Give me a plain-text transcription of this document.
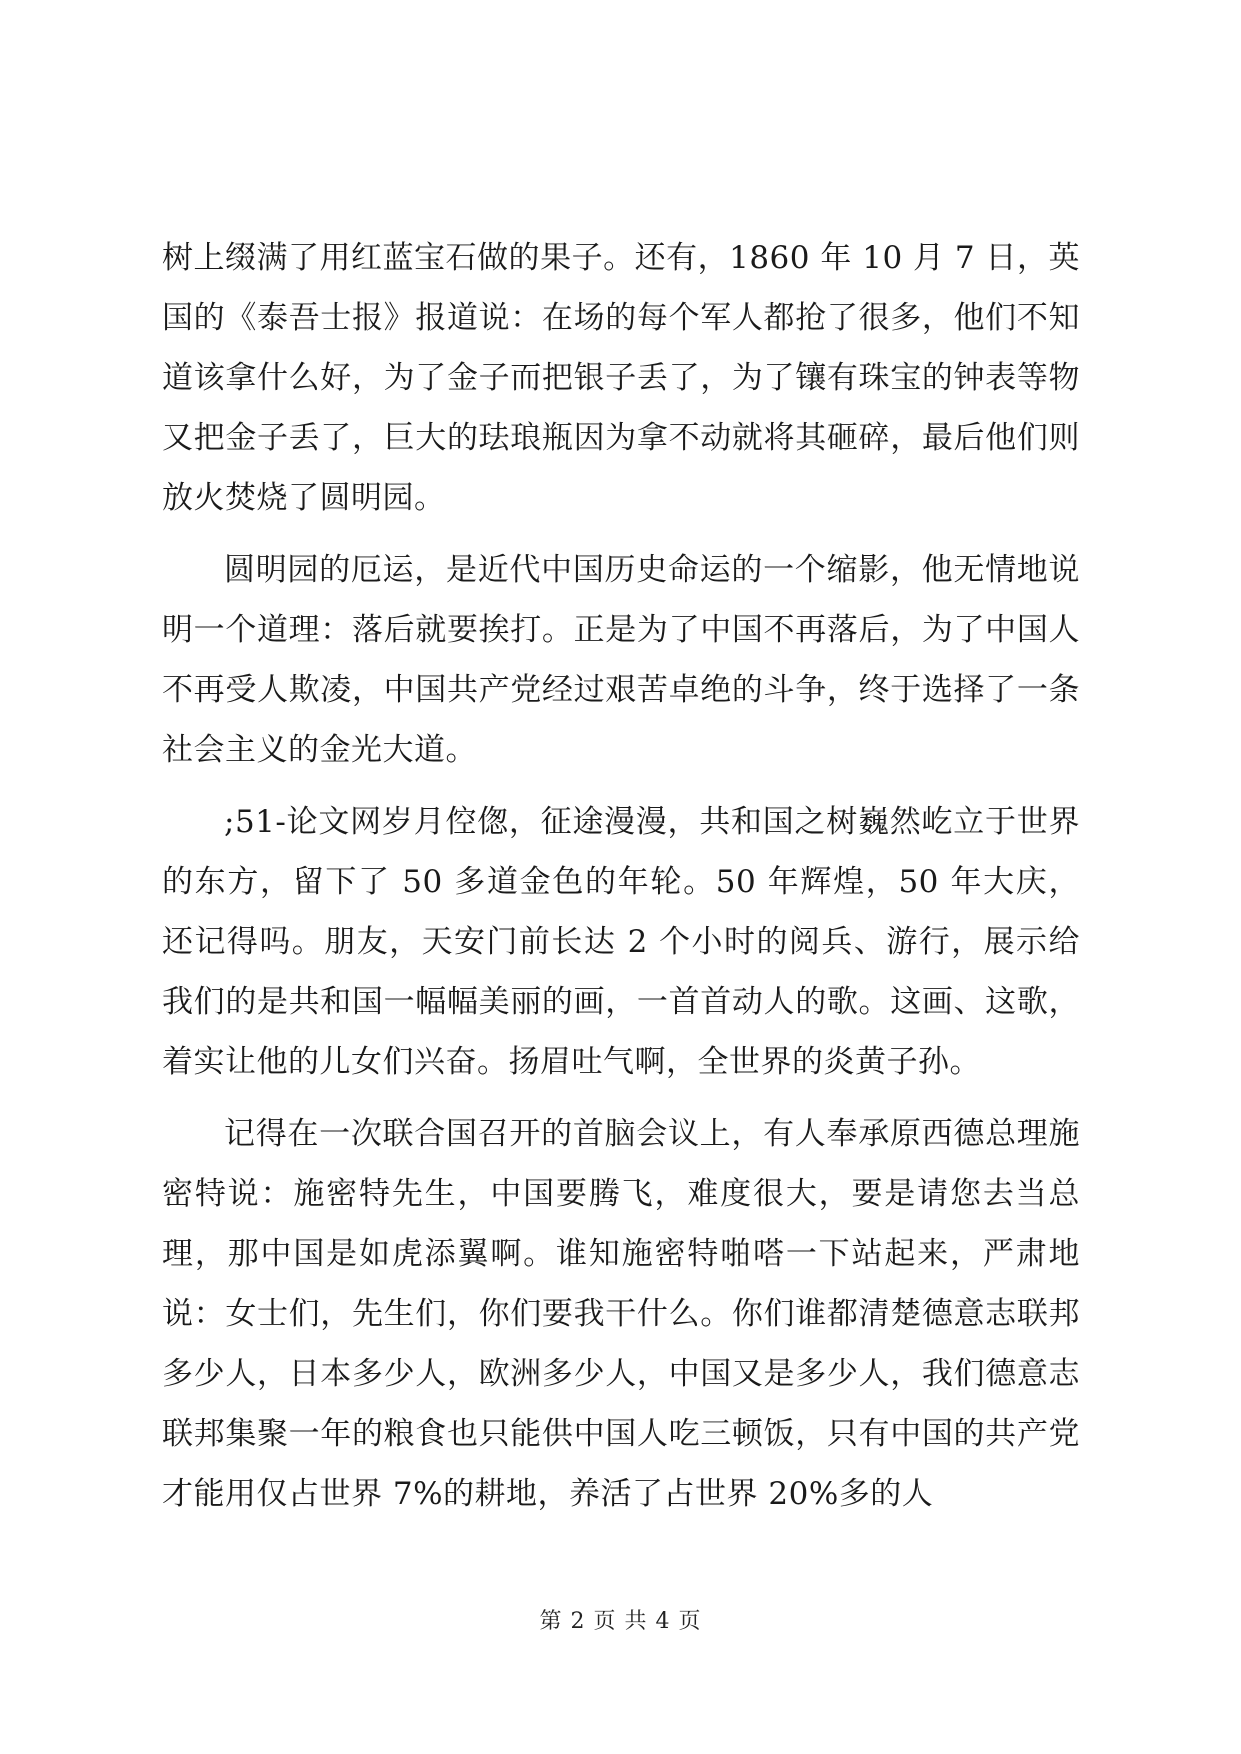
树上缀满了用红蓝宝石做的果子。还有，1860 年 10 月 7 日，英国的《泰吾士报》报道说：在场的每个军人都抢了很多，他们不知道该拿什么好，为了金子而把银子丢了，为了镶有珠宝的钟表等物又把金子丢了，巨大的珐琅瓶因为拿不动就将其砸碎，最后他们则放火焚烧了圆明园。

圆明园的厄运，是近代中国历史命运的一个缩影，他无情地说明一个道理：落后就要挨打。正是为了中国不再落后，为了中国人不再受人欺凌，中国共产党经过艰苦卓绝的斗争，终于选择了一条社会主义的金光大道。

;51-论文网岁月倥偬，征途漫漫，共和国之树巍然屹立于世界的东方，留下了 50 多道金色的年轮。50 年辉煌，50 年大庆，还记得吗。朋友，天安门前长达 2 个小时的阅兵、游行，展示给我们的是共和国一幅幅美丽的画，一首首动人的歌。这画、这歌，着实让他的儿女们兴奋。扬眉吐气啊，全世界的炎黄子孙。

记得在一次联合国召开的首脑会议上，有人奉承原西德总理施密特说：施密特先生，中国要腾飞，难度很大，要是请您去当总理，那中国是如虎添翼啊。谁知施密特啪嗒一下站起来，严肃地说：女士们，先生们，你们要我干什么。你们谁都清楚德意志联邦多少人，日本多少人，欧洲多少人，中国又是多少人，我们德意志联邦集聚一年的粮食也只能供中国人吃三顿饭，只有中国的共产党才能用仅占世界 7%的耕地，养活了占世界 20%多的人

第 2 页 共 4 页
